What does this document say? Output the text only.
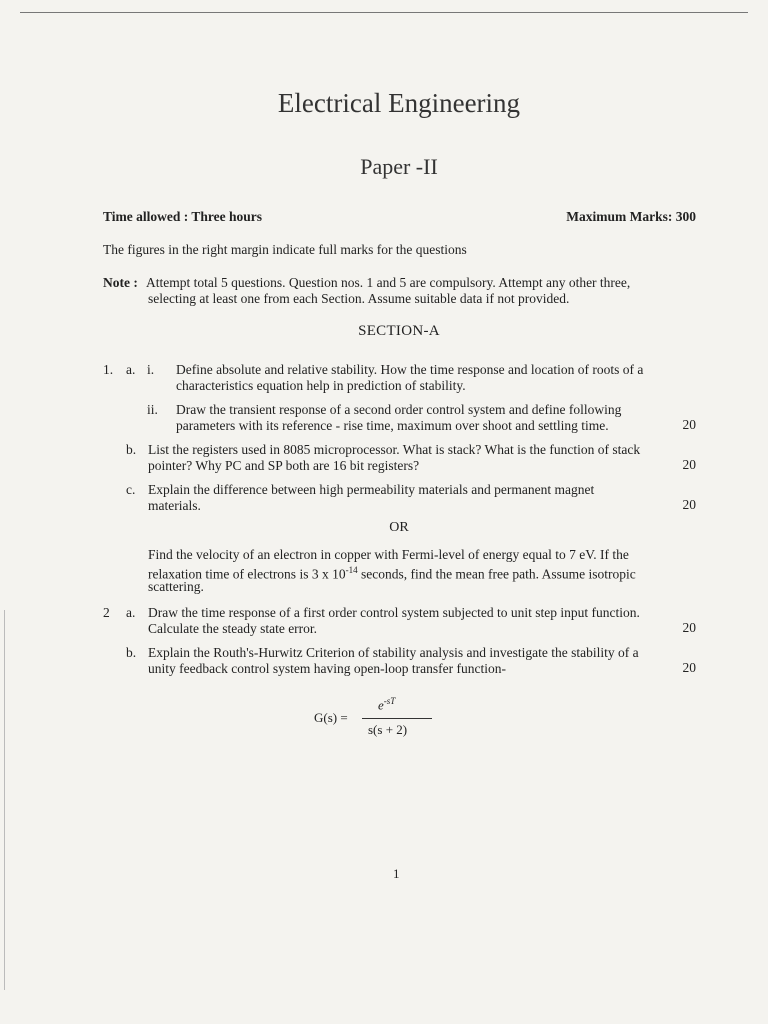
Electrical Engineering
Paper -II
Time allowed : Three hours	Maximum Marks: 300
The figures in the right margin indicate full marks for the questions
Note : Attempt total 5 questions. Question nos. 1 and 5 are compulsory. Attempt any other three,
selecting at least one from each Section. Assume suitable data if not provided.
SECTION-A
1. a. i. Define absolute and relative stability. How the time response and location of roots of a
characteristics equation help in prediction of stability.
ii. Draw the transient response of a second order control system and define following
parameters with its reference - rise time, maximum over shoot and settling time.	20
b. List the registers used in 8085 microprocessor. What is stack? What is the function of stack
pointer? Why PC and SP both are 16 bit registers?	20
c. Explain the difference between high permeability materials and permanent magnet
materials.	20
OR
Find the velocity of an electron in copper with Fermi-level of energy equal to 7 eV. If the
relaxation time of electrons is 3 x $10^{-14}$ seconds, find the mean free path. Assume isotropic
scattering.
2 a. Draw the time response of a first order control system subjected to unit step input function.
Calculate the steady state error.	20
b. Explain the Routh's-Hurwitz Criterion of stability analysis and investigate the stability of a
unity feedback control system having open-loop transfer function-	20
G(s) =
$e^{-sT}$
s(s + 2)
1
